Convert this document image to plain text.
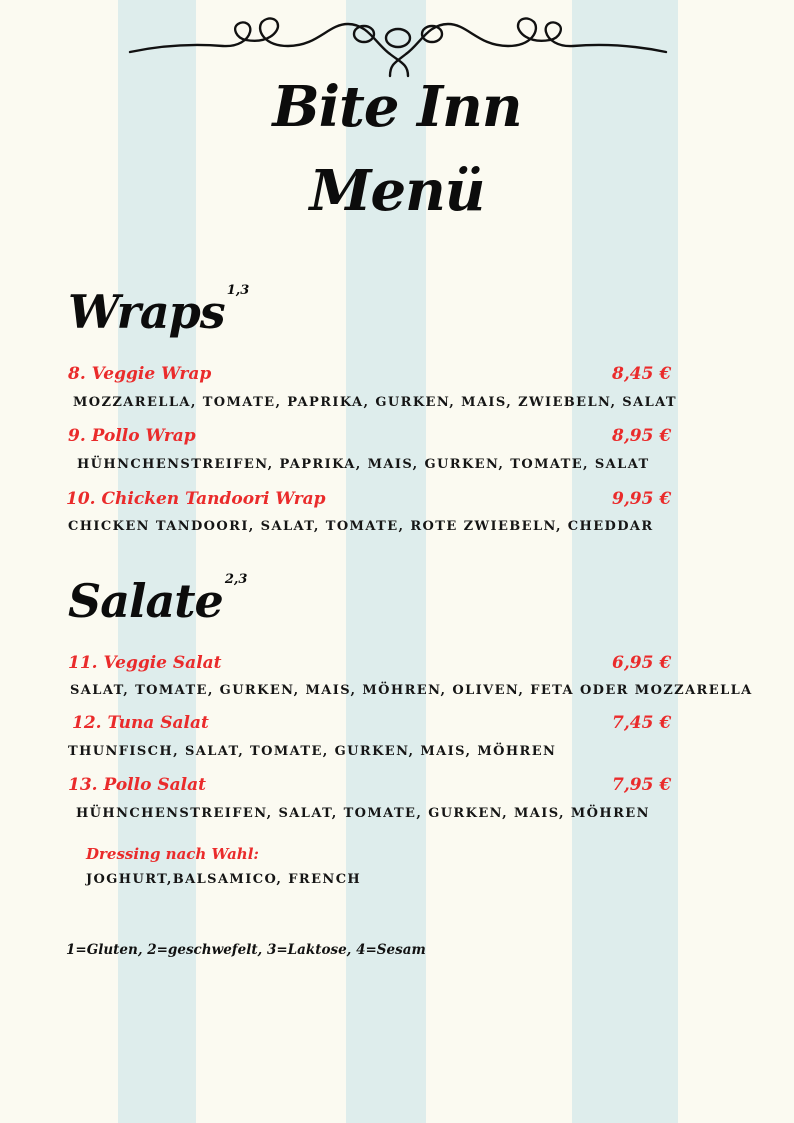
Bite Inn
Menü
Wraps $^{1,3}$
8. Veggie Wrap	8,45 €
MOZZARELLA, TOMATE, PAPRIKA, GURKEN, MAIS, ZWIEBELN, SALAT
9. Pollo Wrap	8,95 €
HÜHNCHENSTREIFEN, PAPRIKA, MAIS, GURKEN, TOMATE, SALAT
10. Chicken Tandoori Wrap	9,95 €
CHICKEN TANDOORI, SALAT, TOMATE, ROTE ZWIEBELN, CHEDDAR
Salate $^{2,3}$
11. Veggie Salat	6,95 €
SALAT, TOMATE, GURKEN, MAIS, MÖHREN, OLIVEN, FETA ODER MOZZARELLA
12. Tuna Salat	7,45 €
THUNFISCH, SALAT, TOMATE, GURKEN, MAIS, MÖHREN
13. Pollo Salat	7,95 €
HÜHNCHENSTREIFEN, SALAT, TOMATE, GURKEN, MAIS, MÖHREN
Dressing nach Wahl:
JOGHURT,BALSAMICO, FRENCH
1=Gluten, 2=geschwefelt, 3=Laktose, 4=Sesam
